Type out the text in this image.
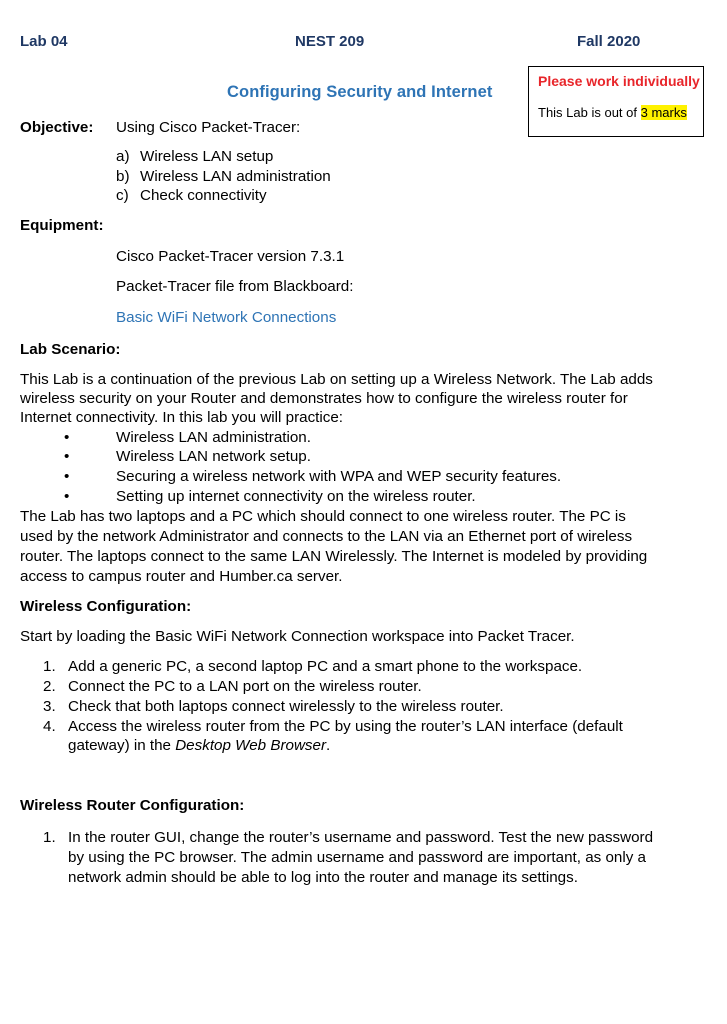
Lab 04	NEST 209	Fall 2020
Configuring Security and Internet
Please work individually
This Lab is out of 3 marks
Objective: Using Cisco Packet-Tracer:
a) Wireless LAN setup
b) Wireless LAN administration
c) Check connectivity
Equipment:
Cisco Packet-Tracer version 7.3.1
Packet-Tracer file from Blackboard:
Basic WiFi Network Connections
Lab Scenario:
This Lab is a continuation of the previous Lab on setting up a Wireless Network. The Lab adds
wireless security on your Router and demonstrates how to configure the wireless router for
Internet connectivity. In this lab you will practice:
•	Wireless LAN administration.
•	Wireless LAN network setup.
•	Securing a wireless network with WPA and WEP security features.
•	Setting up internet connectivity on the wireless router.
The Lab has two laptops and a PC which should connect to one wireless router. The PC is
used by the network Administrator and connects to the LAN via an Ethernet port of wireless
router. The laptops connect to the same LAN Wirelessly. The Internet is modeled by providing
access to campus router and Humber.ca server.
Wireless Configuration:
Start by loading the Basic WiFi Network Connection workspace into Packet Tracer.
1. Add a generic PC, a second laptop PC and a smart phone to the workspace.
2. Connect the PC to a LAN port on the wireless router.
3. Check that both laptops connect wirelessly to the wireless router.
4. Access the wireless router from the PC by using the router’s LAN interface (default
gateway) in the Desktop Web Browser.
Wireless Router Configuration:
1. In the router GUI, change the router’s username and password. Test the new password
by using the PC browser. The admin username and password are important, as only a
network admin should be able to log into the router and manage its settings.
